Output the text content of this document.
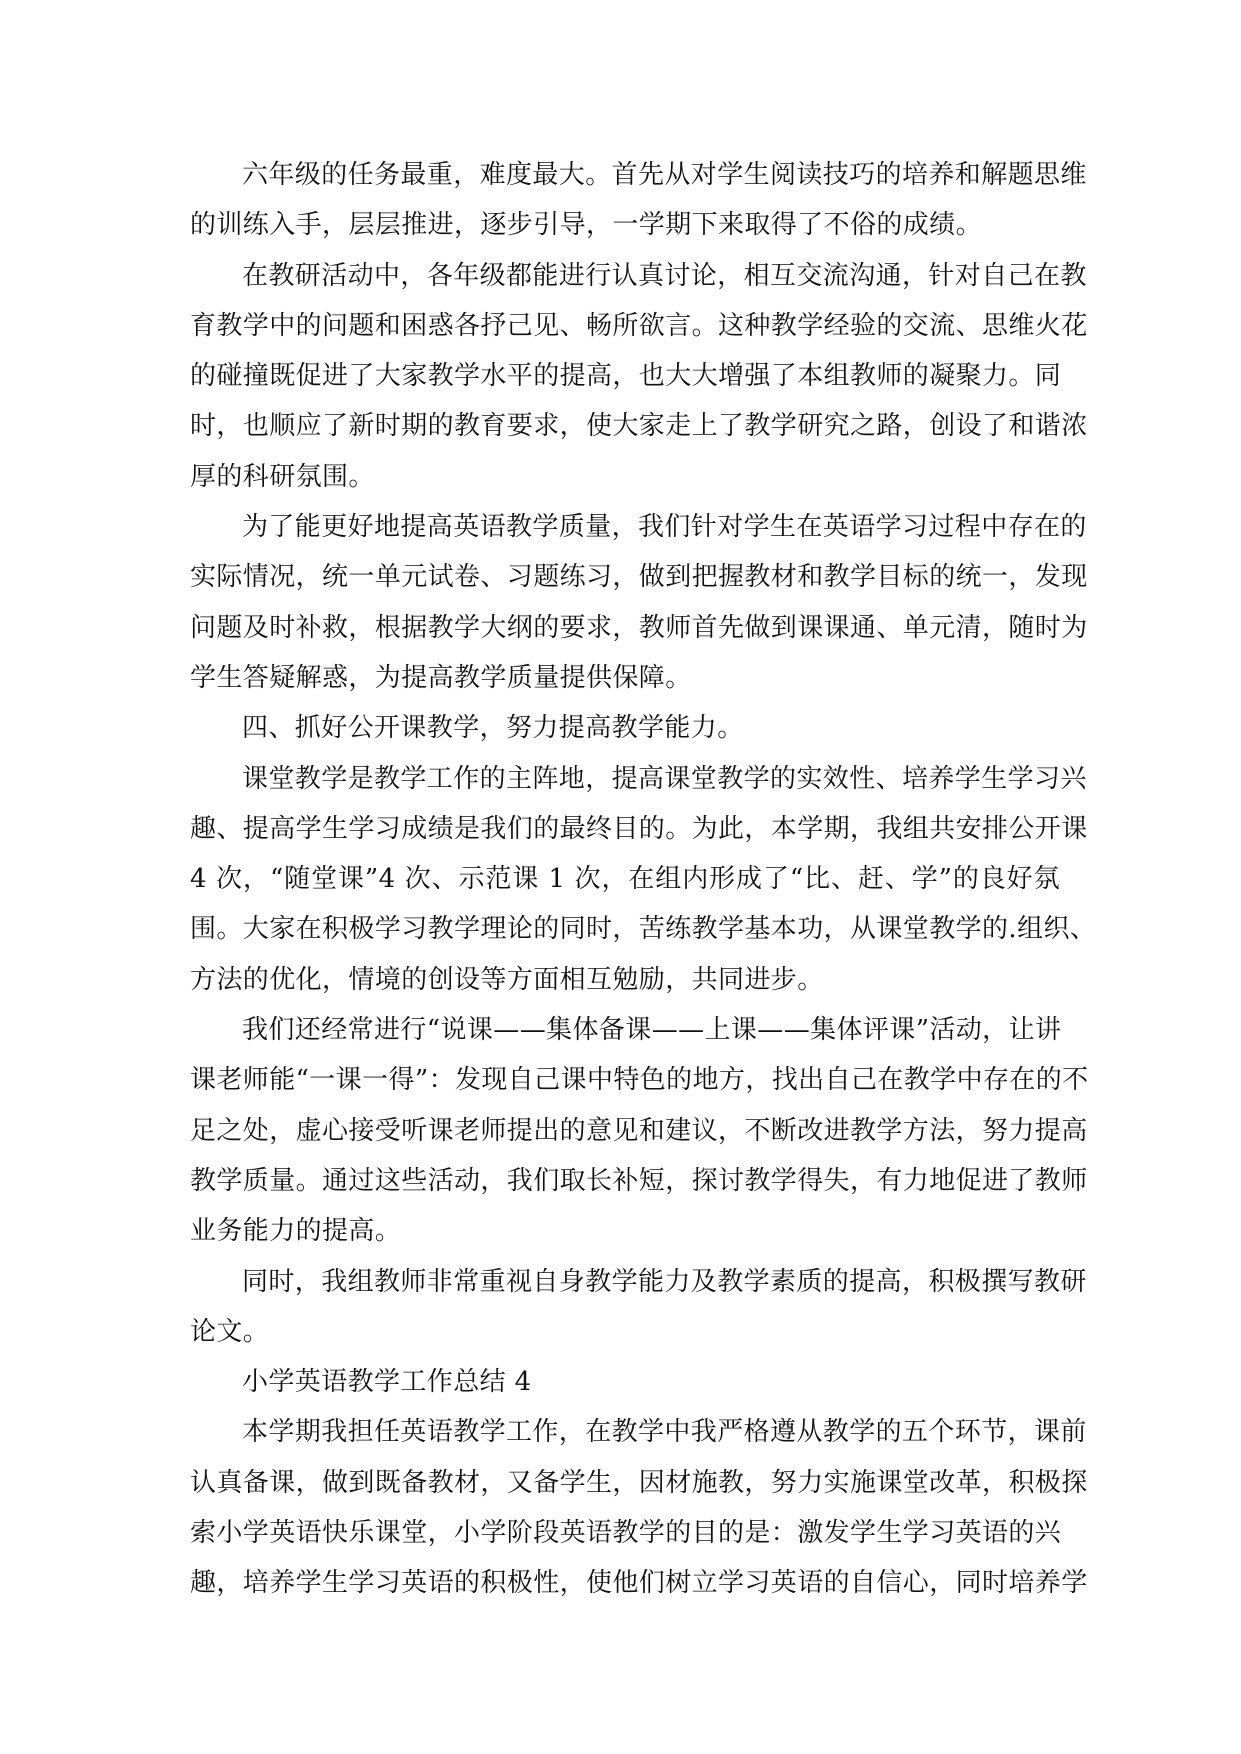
六年级的任务最重，难度最大。首先从对学生阅读技巧的培养和解题思维
的训练入手，层层推进，逐步引导，一学期下来取得了不俗的成绩。
在教研活动中，各年级都能进行认真讨论，相互交流沟通，针对自己在教
育教学中的问题和困惑各抒己见、畅所欲言。这种教学经验的交流、思维火花
的碰撞既促进了大家教学水平的提高，也大大增强了本组教师的凝聚力。同
时，也顺应了新时期的教育要求，使大家走上了教学研究之路，创设了和谐浓
厚的科研氛围。
为了能更好地提高英语教学质量，我们针对学生在英语学习过程中存在的
实际情况，统一单元试卷、习题练习，做到把握教材和教学目标的统一，发现
问题及时补救，根据教学大纲的要求，教师首先做到课课通、单元清，随时为
学生答疑解惑，为提高教学质量提供保障。
四、抓好公开课教学，努力提高教学能力。
课堂教学是教学工作的主阵地，提高课堂教学的实效性、培养学生学习兴
趣、提高学生学习成绩是我们的最终目的。为此，本学期，我组共安排公开课
4 次，“随堂课”4 次、示范课 1 次，在组内形成了“比、赶、学”的良好氛
围。大家在积极学习教学理论的同时，苦练教学基本功，从课堂教学的.组织、
方法的优化，情境的创设等方面相互勉励，共同进步。
我们还经常进行“说课——集体备课——上课——集体评课”活动，让讲
课老师能“一课一得”：发现自己课中特色的地方，找出自己在教学中存在的不
足之处，虚心接受听课老师提出的意见和建议，不断改进教学方法，努力提高
教学质量。通过这些活动，我们取长补短，探讨教学得失，有力地促进了教师
业务能力的提高。
同时，我组教师非常重视自身教学能力及教学素质的提高，积极撰写教研
论文。
小学英语教学工作总结 4
本学期我担任英语教学工作，在教学中我严格遵从教学的五个环节，课前
认真备课，做到既备教材，又备学生，因材施教，努力实施课堂改革，积极探
索小学英语快乐课堂，小学阶段英语教学的目的是：激发学生学习英语的兴
趣，培养学生学习英语的积极性，使他们树立学习英语的自信心，同时培养学
